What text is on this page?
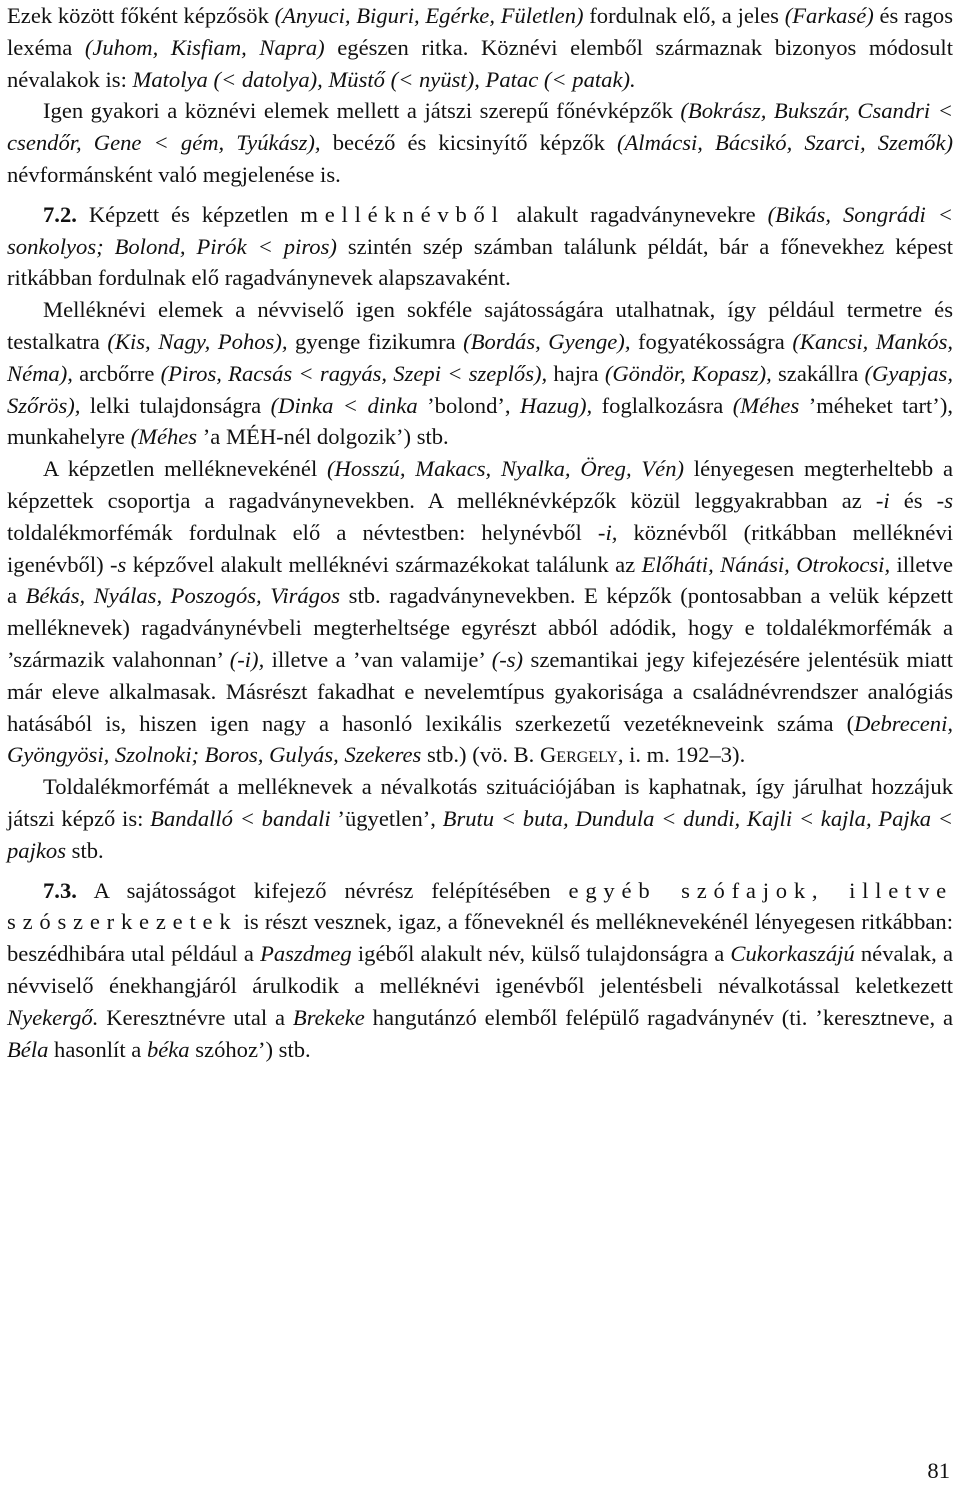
Ezek között főként képzősök (Anyuci, Biguri, Egérke, Fületlen) fordulnak elő, a jeles (Farkasé) és ragos lexéma (Juhom, Kisfiam, Napra) egészen ritka. Köznévi elemből származnak bizonyos módosult névalakok is: Matolya (< datolya), Müstő (< nyüst), Patac (< patak).

Igen gyakori a köznévi elemek mellett a játszi szerepű főnévképzők (Bokrász, Bukszár, Csandri < csendőr, Gene < gém, Tyúkász), becéző és kicsinyítő képzők (Almácsi, Bácsikó, Szarci, Szemők) névformánsként való megjelenése is.

7.2. Képzett és képzetlen melléknévből alakult ragadványnevekre (Bikás, Songrádi < sonkolyos; Bolond, Pirók < piros) szintén szép számban találunk példát, bár a főnevekhez képest ritkábban fordulnak elő ragadványnevek alapszavaként.

Melléknévi elemek a névviselő igen sokféle sajátosságára utalhatnak, így például termetre és testalkatra (Kis, Nagy, Pohos), gyenge fizikumra (Bordás, Gyenge), fogyatékosságra (Kancsi, Mankós, Néma), arcbőrre (Piros, Racsás < ragyás, Szepi < szeplős), hajra (Göndör, Kopasz), szakállra (Gyapjas, Szőrös), lelki tulajdonságra (Dinka < dinka ’bolond’, Hazug), foglalkozásra (Méhes ’méheket tart’), munkahelyre (Méhes ’a MÉH-nél dolgozik’) stb.

A képzetlen melléknevekénél (Hosszú, Makacs, Nyalka, Öreg, Vén) lényegesen megterheltebb a képzettek csoportja a ragadványnevekben. A melléknévképzők közül leggyakrabban az -i és -s toldalékmorfémák fordulnak elő a névtestben: helynévből -i, köznévből (ritkábban melléknévi igenévből) -s képzővel alakult melléknévi származékokat találunk az Előháti, Nánási, Otrokocsi, illetve a Békás, Nyálas, Poszogós, Virágos stb. ragadványnevekben. E képzők (pontosabban a velük képzett melléknevek) ragadványnévbeli megterheltsége egyrészt abból adódik, hogy e toldalékmorfémák a ’származik valahonnan’ (-i), illetve a ’van valamije’ (-s) szemantikai jegy kifejezésére jelentésük miatt már eleve alkalmasak. Másrészt fakadhat e nevelemtípus gyakorisága a családnévrendszer analógiás hatásából is, hiszen igen nagy a hasonló lexikális szerkezetű vezetékneveink száma (Debreceni, Gyöngyösi, Szolnoki; Boros, Gulyás, Szekeres stb.) (vö. B. Gergely, i. m. 192–3).

Toldalékmorfémát a melléknevek a névalkotás szituációjában is kaphatnak, így járulhat hozzájuk játszi képző is: Bandalló < bandali ’ügyetlen’, Brutu < buta, Dundula < dundi, Kajli < kajla, Pajka < pajkos stb.

7.3. A sajátosságot kifejező névrész felépítésében egyéb szófajok, illetve szószerkezetek is részt vesznek, igaz, a főneveknél és melléknevekénél lényegesen ritkábban: beszédhibára utal például a Paszdmeg igéből alakult név, külső tulajdonságra a Cukorkaszájú névalak, a névviselő énekhangjáról árulkodik a melléknévi igenévből jelentésbeli névalkotással keletkezett Nyekergő. Keresztnévre utal a Brekeke hangutánzó elemből felépülő ragadványnév (ti. ’keresztneve, a Béla hasonlít a béka szóhoz’) stb.

81
